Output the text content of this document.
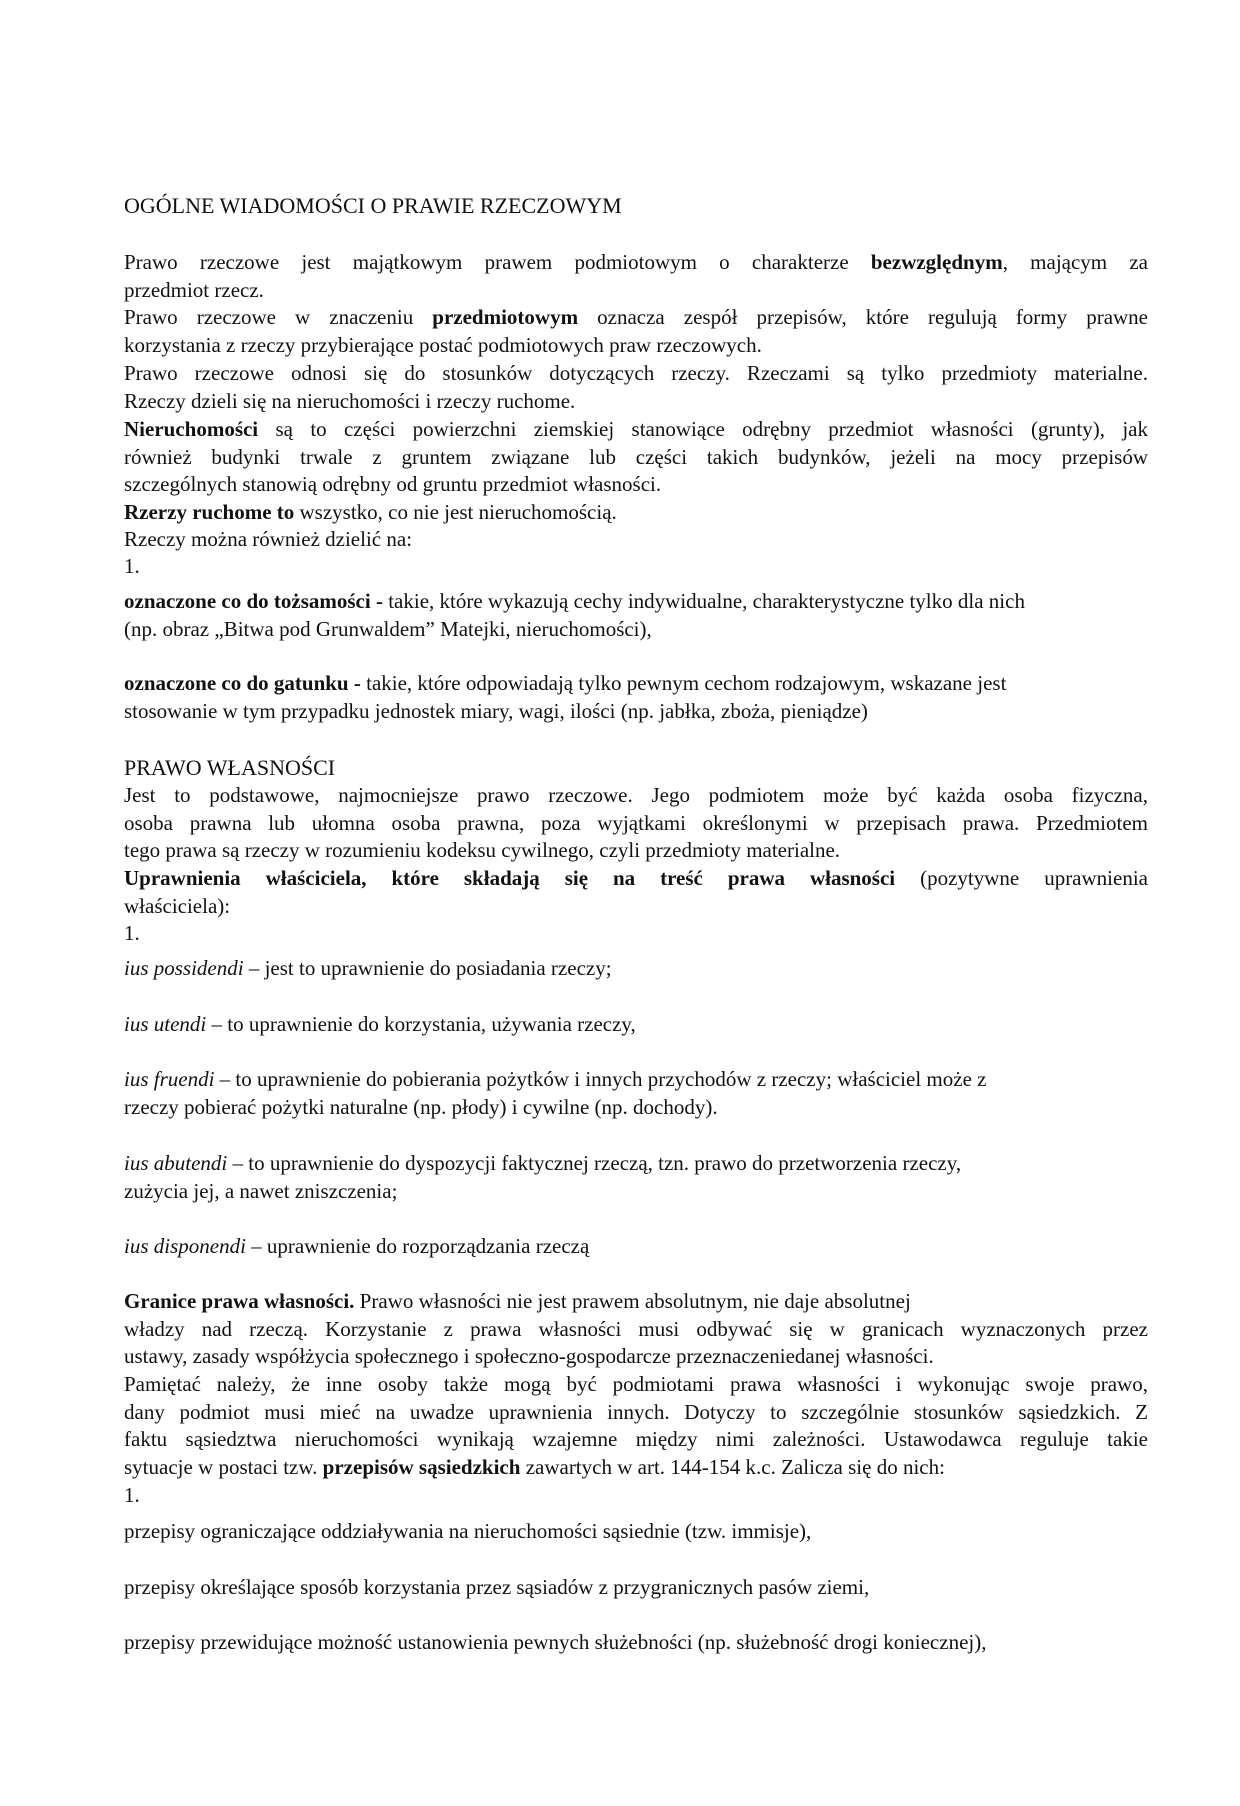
OGÓLNE WIADOMOŚCI O PRAWIE RZECZOWYM
Prawo rzeczowe jest majątkowym prawem podmiotowym o charakterze bezwzględnym, mającym za
przedmiot rzecz.
Prawo rzeczowe w znaczeniu przedmiotowym oznacza zespół przepisów, które regulują formy prawne
korzystania z rzeczy przybierające postać podmiotowych praw rzeczowych.
Prawo rzeczowe odnosi się do stosunków dotyczących rzeczy. Rzeczami są tylko przedmioty materialne.
Rzeczy dzieli się na nieruchomości i rzeczy ruchome.
Nieruchomości są to części powierzchni ziemskiej stanowiące odrębny przedmiot własności (grunty), jak
również budynki trwale z gruntem związane lub części takich budynków, jeżeli na mocy przepisów
szczególnych stanowią odrębny od gruntu przedmiot własności.
Rzerzy ruchome to wszystko, co nie jest nieruchomością.
Rzeczy można również dzielić na:
1.
oznaczone co do tożsamości - takie, które wykazują cechy indywidualne, charakterystyczne tylko dla nich
(np. obraz „Bitwa pod Grunwaldem” Matejki, nieruchomości),
oznaczone co do gatunku - takie, które odpowiadają tylko pewnym cechom rodzajowym, wskazane jest
stosowanie w tym przypadku jednostek miary, wagi, ilości (np. jabłka, zboża, pieniądze)
PRAWO WŁASNOŚCI
Jest to podstawowe, najmocniejsze prawo rzeczowe. Jego podmiotem może być każda osoba fizyczna,
osoba prawna lub ułomna osoba prawna, poza wyjątkami określonymi w przepisach prawa. Przedmiotem
tego prawa są rzeczy w rozumieniu kodeksu cywilnego, czyli przedmioty materialne.
Uprawnienia właściciela, które składają się na treść prawa własności (pozytywne uprawnienia
właściciela):
1.
ius possidendi – jest to uprawnienie do posiadania rzeczy;
ius utendi – to uprawnienie do korzystania, używania rzeczy,
ius fruendi – to uprawnienie do pobierania pożytków i innych przychodów z rzeczy; właściciel może z
rzeczy pobierać pożytki naturalne (np. płody) i cywilne (np. dochody).
ius abutendi – to uprawnienie do dyspozycji faktycznej rzeczą, tzn. prawo do przetworzenia rzeczy,
zużycia jej, a nawet zniszczenia;
ius disponendi – uprawnienie do rozporządzania rzeczą
Granice prawa własności. Prawo własności nie jest prawem absolutnym, nie daje absolutnej
władzy nad rzeczą. Korzystanie z prawa własności musi odbywać się w granicach wyznaczonych przez
ustawy, zasady współżycia społecznego i społeczno-gospodarcze przeznaczeniedanej własności.
Pamiętać należy, że inne osoby także mogą być podmiotami prawa własności i wykonując swoje prawo,
dany podmiot musi mieć na uwadze uprawnienia innych. Dotyczy to szczególnie stosunków sąsiedzkich. Z
faktu sąsiedztwa nieruchomości wynikają wzajemne między nimi zależności. Ustawodawca reguluje takie
sytuacje w postaci tzw. przepisów sąsiedzkich zawartych w art. 144-154 k.c. Zalicza się do nich:
1.
przepisy ograniczające oddziaływania na nieruchomości sąsiednie (tzw. immisje),
przepisy określające sposób korzystania przez sąsiadów z przygranicznych pasów ziemi,
przepisy przewidujące możność ustanowienia pewnych służebności (np. służebność drogi koniecznej),
